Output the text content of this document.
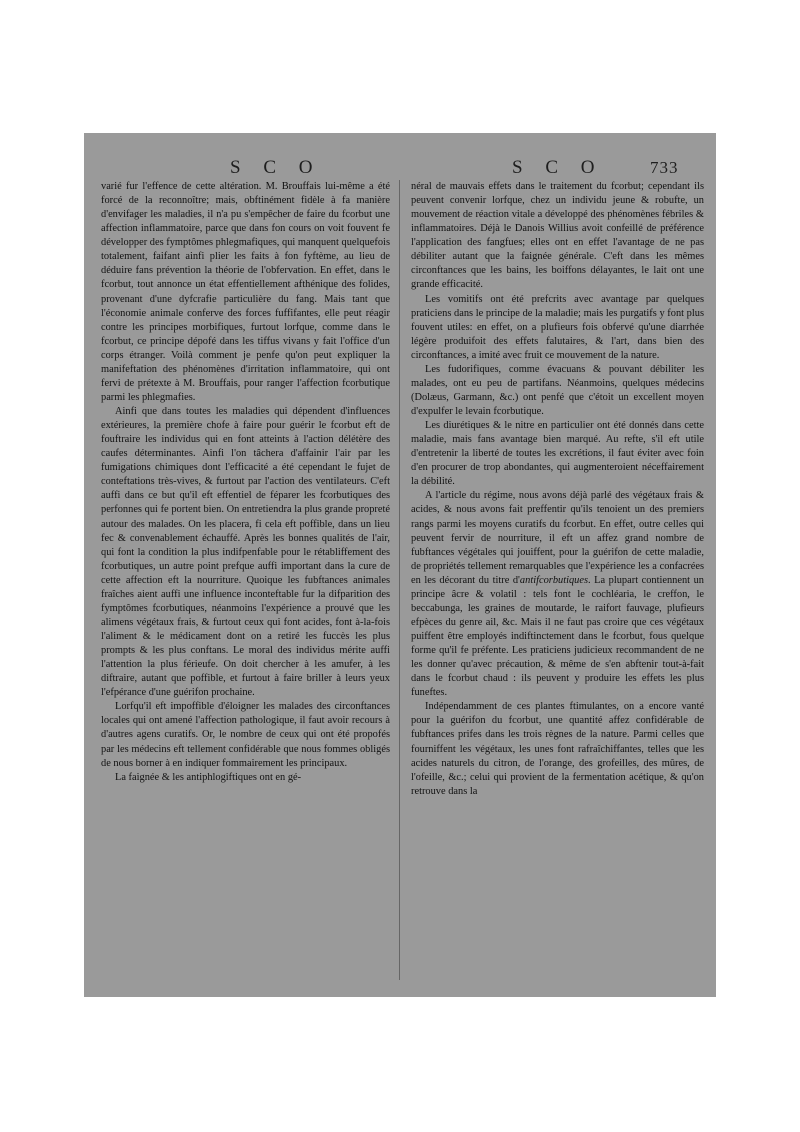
S C O	S C O	733

varié fur l'effence de cette altération. M. Brouffais lui-même a été forcé de la reconnoître; mais, obftinément fidèle à fa manière d'envifager les maladies, il n'a pu s'empêcher de faire du fcorbut une affection inflammatoire, parce que dans fon cours on voit fouvent fe développer des fymptômes phlegmafiques, qui manquent quelquefois totalement, faifant ainfi plier les faits à fon fyftème, au lieu de déduire fans prévention la théorie de l'obfervation. En effet, dans le fcorbut, tout annonce un état effentiellement afthénique des folides, provenant d'une dyfcrafie particulière du fang. Mais tant que l'économie animale conferve des forces fuffifantes, elle peut réagir contre les principes morbifiques, furtout lorfque, comme dans le fcorbut, ce principe dépofé dans les tiffus vivans y fait l'office d'un corps étranger. Voilà comment je penfe qu'on peut expliquer la manifeftation des phénomènes d'irritation inflammatoire, qui ont fervi de prétexte à M. Brouffais, pour ranger l'affection fcorbutique parmi les phlegmafies.

Ainfi que dans toutes les maladies qui dépendent d'influences extérieures, la première chofe à faire pour guérir le fcorbut eft de fouftraire les individus qui en font atteints à l'action délétère des caufes déterminantes. Ainfi l'on tâchera d'affainir l'air par les fumigations chimiques dont l'efficacité a été cependant le fujet de conteftations très-vives, & furtout par l'action des ventilateurs. C'eft auffi dans ce but qu'il eft effentiel de féparer les fcorbutiques des perfonnes qui fe portent bien. On entretiendra la plus grande propreté autour des malades. On les placera, fi cela eft poffible, dans un lieu fec & convenablement échauffé. Après les bonnes qualités de l'air, qui font la condition la plus indifpenfable pour le rétabliffement des fcorbutiques, un autre point prefque auffi important dans la cure de cette affection eft la nourriture. Quoique les fubftances animales fraîches aient auffi une influence inconteftable fur la difparition des fymptômes fcorbutiques, néanmoins l'expérience a prouvé que les alimens végétaux frais, & furtout ceux qui font acides, font à-la-fois l'aliment & le médicament dont on a retiré les fuccès les plus prompts & les plus conftans. Le moral des individus mérite auffi l'attention la plus férieufe. On doit chercher à les amufer, à les diftraire, autant que poffible, et furtout à faire briller à leurs yeux l'efpérance d'une guérifon prochaine.

Lorfqu'il eft impoffible d'éloigner les malades des circonftances locales qui ont amené l'affection pathologique, il faut avoir recours à d'autres agens curatifs. Or, le nombre de ceux qui ont été propofés par les médecins eft tellement confidérable que nous fommes obligés de nous borner à en indiquer fommairement les principaux.

La faignée & les antiphlogiftiques ont en gé-

néral de mauvais effets dans le traitement du fcorbut; cependant ils peuvent convenir lorfque, chez un individu jeune & robufte, un mouvement de réaction vitale a développé des phénomènes fébriles & inflammatoires. Déjà le Danois Willius avoit confeillé de préférence l'application des fangfues; elles ont en effet l'avantage de ne pas débiliter autant que la faignée générale. C'eft dans les mêmes circonftances que les bains, les boiffons délayantes, le lait ont une grande efficacité.

Les vomitifs ont été prefcrits avec avantage par quelques praticiens dans le principe de la maladie; mais les purgatifs y font plus fouvent utiles: en effet, on a plufieurs fois obfervé qu'une diarrhée légère produifoit des effets falutaires, & l'art, dans bien des circonftances, a imité avec fruit ce mouvement de la nature.

Les fudorifiques, comme évacuans & pouvant débiliter les malades, ont eu peu de partifans. Néanmoins, quelques médecins (Dolæus, Garmann, &c.) ont penfé que c'étoit un excellent moyen d'expulfer le levain fcorbutique.

Les diurétiques & le nitre en particulier ont été donnés dans cette maladie, mais fans avantage bien marqué. Au refte, s'il eft utile d'entretenir la liberté de toutes les excrétions, il faut éviter avec foin d'en procurer de trop abondantes, qui augmenteroient néceffairement la débilité.

A l'article du régime, nous avons déjà parlé des végétaux frais & acides, & nous avons fait preffentir qu'ils tenoient un des premiers rangs parmi les moyens curatifs du fcorbut. En effet, outre celles qui peuvent fervir de nourriture, il eft un affez grand nombre de fubftances végétales qui jouiffent, pour la guérifon de cette maladie, de propriétés tellement remarquables que l'expérience les a confacrées en les décorant du titre d'antifcorbutiques. La plupart contiennent un principe âcre & volatil : tels font le cochléaria, le creffon, le beccabunga, les graines de moutarde, le raifort fauvage, plufieurs efpèces du genre ail, &c. Mais il ne faut pas croire que ces végétaux puiffent être employés indiftinctement dans le fcorbut, fous quelque forme qu'il fe préfente. Les praticiens judicieux recommandent de ne les donner qu'avec précaution, & même de s'en abftenir tout-à-fait dans le fcorbut chaud : ils peuvent y produire les effets les plus funeftes.

Indépendamment de ces plantes ftimulantes, on a encore vanté pour la guérifon du fcorbut, une quantité affez confidérable de fubftances prifes dans les trois règnes de la nature. Parmi celles que fourniffent les végétaux, les unes font rafraîchiffantes, telles que les acides naturels du citron, de l'orange, des grofeilles, des mûres, de l'ofeille, &c.; celui qui provient de la fermentation acétique, & qu'on retrouve dans la
